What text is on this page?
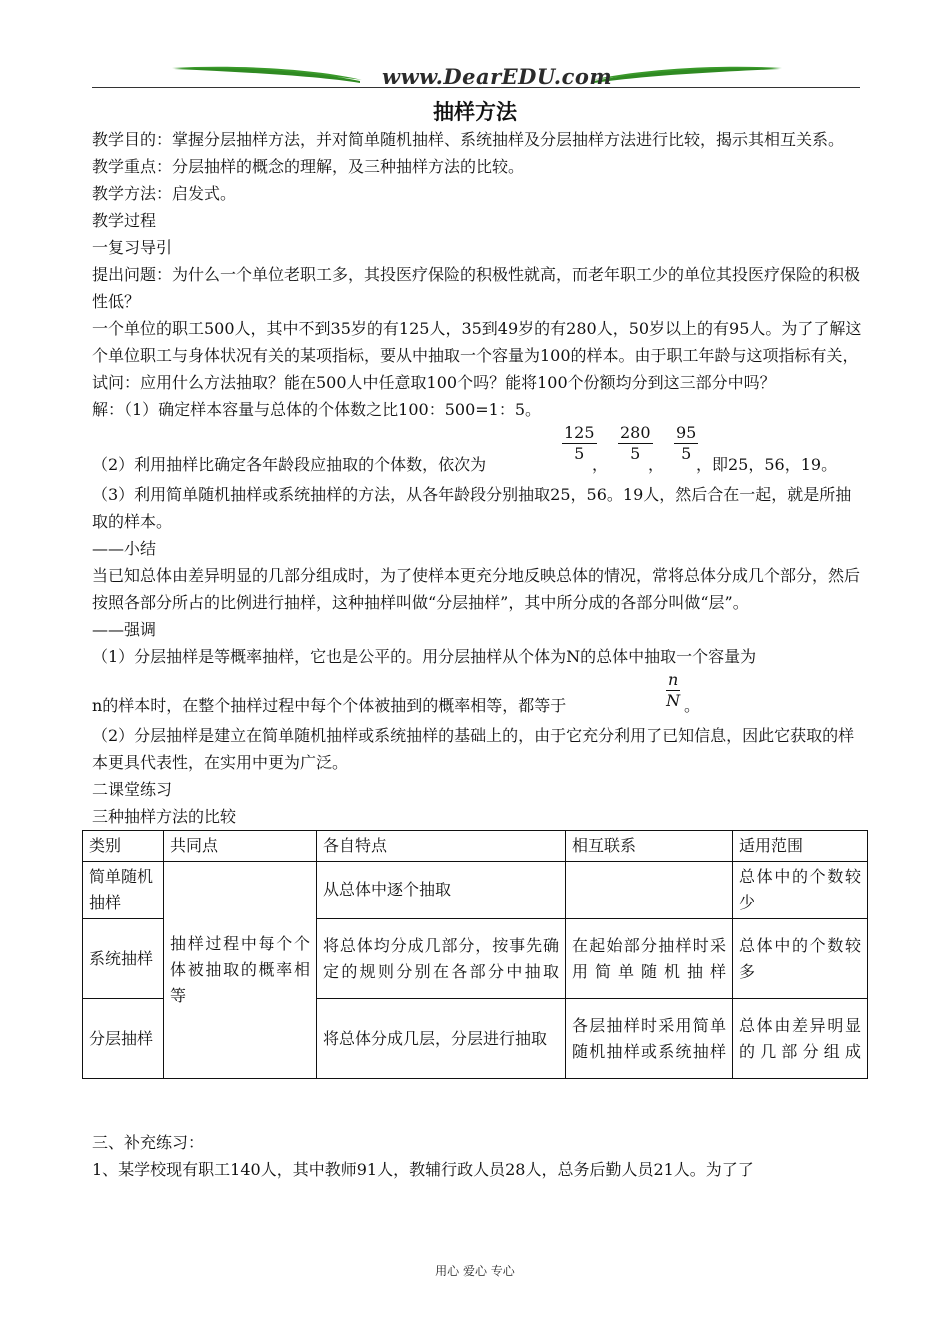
www.DearEDU.com
抽样方法

教学目的：掌握分层抽样方法，并对简单随机抽样、系统抽样及分层抽样方法进行比较，揭示其相互关系。

教学重点：分层抽样的概念的理解，及三种抽样方法的比较。

教学方法：启发式。

教学过程

一复习导引

提出问题：为什么一个单位老职工多，其投医疗保险的积极性就高，而老年职工少的单位其投医疗保险的积极性低？

一个单位的职工500人，其中不到35岁的有125人，35到49岁的有280人，50岁以上的有95人。为了了解这个单位职工与身体状况有关的某项指标，要从中抽取一个容量为100的样本。由于职工年龄与这项指标有关，试问：应用什么方法抽取？能在500人中任意取100个吗？能将100个份额均分到这三部分中吗？

解：（1）确定样本容量与总体的个体数之比100：500=1：5。

（2）利用抽样比确定各年龄段应抽取的个体数，依次为
$\frac{125}{5}$
，
$\frac{280}{5}$
，
$\frac{95}{5}$
，即25，56，19。

（3）利用简单随机抽样或系统抽样的方法，从各年龄段分别抽取25，56。19人，然后合在一起，就是所抽取的样本。

——小结

当已知总体由差异明显的几部分组成时，为了使样本更充分地反映总体的情况，常将总体分成几个部分，然后按照各部分所占的比例进行抽样，这种抽样叫做“分层抽样”，其中所分成的各部分叫做“层”。

——强调

（1）分层抽样是等概率抽样，它也是公平的。用分层抽样从个体为N的总体中抽取一个容量为

n的样本时，在整个抽样过程中每个个体被抽到的概率相等，都等于	$\frac{n}{N}$ 。

（2）分层抽样是建立在简单随机抽样或系统抽样的基础上的，由于它充分利用了已知信息，因此它获取的样本更具代表性，在实用中更为广泛。

二课堂练习

三种抽样方法的比较

类别	共同点	各自特点	相互联系	适用范围
简单随机抽样	抽样过程中每个个体被抽取的概率相等	从总体中逐个抽取		总体中的个数较少
系统抽样		将总体均分成几部分，按事先确定的规则分别在各部分中抽取	在起始部分抽样时采用简单随机抽样	总体中的个数较多
分层抽样		将总体分成几层，分层进行抽取	各层抽样时采用简单随机抽样或系统抽样	总体由差异明显的几部分组成

三、补充练习：

1、某学校现有职工140人，其中教师91人，教辅行政人员28人，总务后勤人员21人。为了了

用心 爱心 专心
